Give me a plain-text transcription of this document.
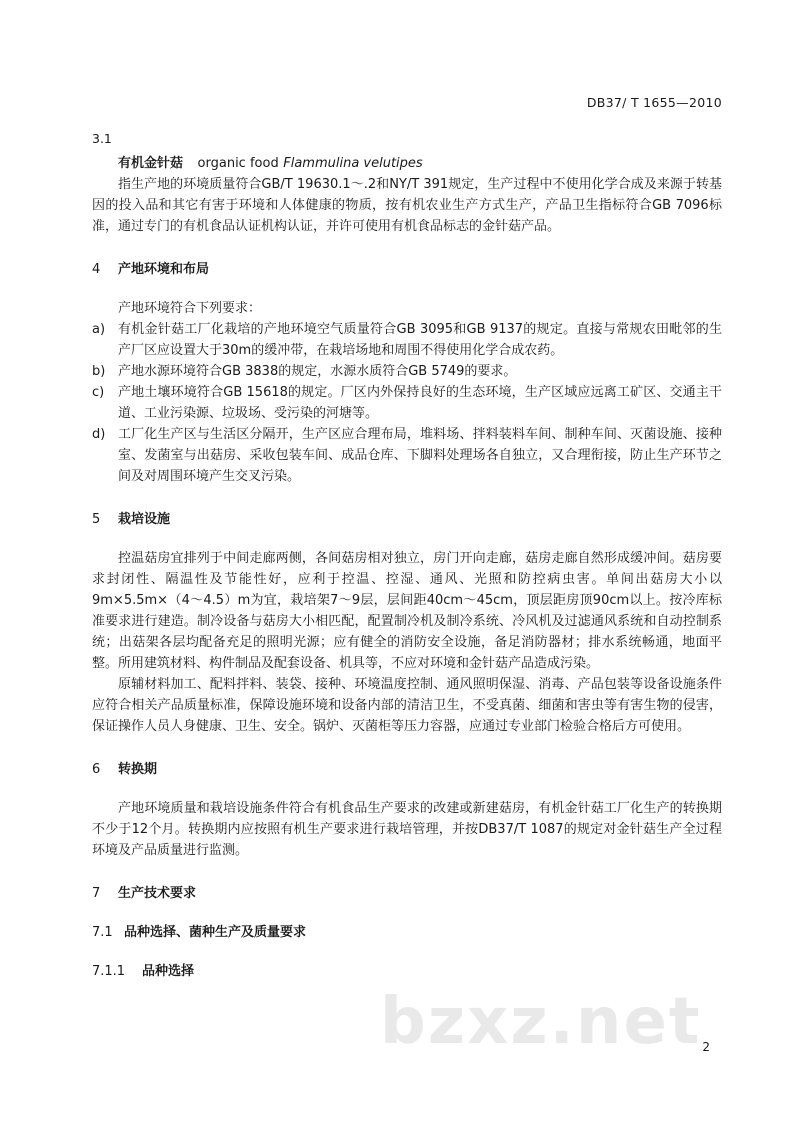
DB37/ T 1655—2010
3.1
有机金针菇 organic food Flammulina velutipes

指生产地的环境质量符合GB/T 19630.1～.2和NY/T 391规定，生产过程中不使用化学合成及来源于转基因的投入品和其它有害于环境和人体健康的物质，按有机农业生产方式生产，产品卫生指标符合GB 7096标准，通过专门的有机食品认证机构认证，并许可使用有机食品标志的金针菇产品。

4 产地环境和布局

产地环境符合下列要求：

a) 有机金针菇工厂化栽培的产地环境空气质量符合GB 3095和GB 9137的规定。直接与常规农田毗邻的生产厂区应设置大于30m的缓冲带，在栽培场地和周围不得使用化学合成农药。
b) 产地水源环境符合GB 3838的规定，水源水质符合GB 5749的要求。
c)	产地土壤环境符合GB 15618的规定。厂区内外保持良好的生态环境，生产区域应远离工矿区、交通主干道、工业污染源、垃圾场、受污染的河塘等。
d) 工厂化生产区与生活区分隔开，生产区应合理布局，堆料场、拌料装料车间、制种车间、灭菌设施、接种室、发菌室与出菇房、采收包装车间、成品仓库、下脚料处理场各自独立，又合理衔接，防止生产环节之间及对周围环境产生交叉污染。
5 栽培设施

控温菇房宜排列于中间走廊两侧，各间菇房相对独立，房门开向走廊，菇房走廊自然形成缓冲间。菇房要求封闭性、隔温性及节能性好，应利于控温、控湿、通风、光照和防控病虫害。单间出菇房大小以9m×5.5m×（4～4.5）m为宜，栽培架7～9层，层间距40cm～45cm，顶层距房顶90cm以上。按冷库标准要求进行建造。制冷设备与菇房大小相匹配，配置制冷机及制冷系统、冷风机及过滤通风系统和自动控制系统；出菇架各层均配备充足的照明光源；应有健全的消防安全设施，备足消防器材；排水系统畅通，地面平整。所用建筑材料、构件制品及配套设备、机具等，不应对环境和金针菇产品造成污染。

原辅材料加工、配料拌料、装袋、接种、环境温度控制、通风照明保湿、消毒、产品包装等设备设施条件应符合相关产品质量标准，保障设施环境和设备内部的清洁卫生，不受真菌、细菌和害虫等有害生物的侵害，保证操作人员人身健康、卫生、安全。锅炉、灭菌柜等压力容器，应通过专业部门检验合格后方可使用。

6 转换期

产地环境质量和栽培设施条件符合有机食品生产要求的改建或新建菇房，有机金针菇工厂化生产的转换期不少于12个月。转换期内应按照有机生产要求进行栽培管理，并按DB37/T 1087的规定对金针菇生产全过程环境及产品质量进行监测。

7 生产技术要求
7.1 品种选择、菌种生产及质量要求
7.1.1 品种选择
bzxz.net 2
